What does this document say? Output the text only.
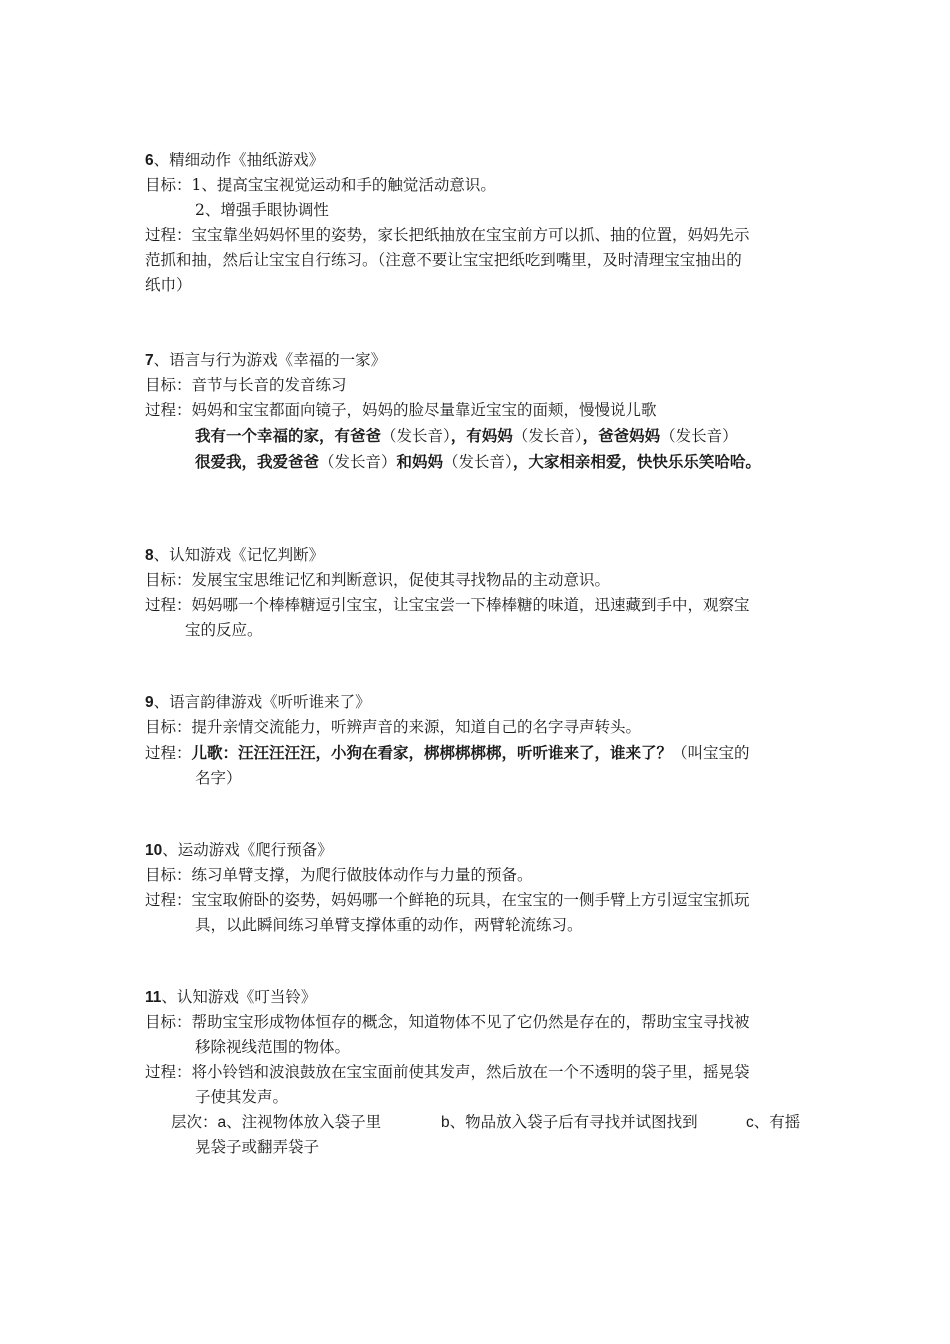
6、精细动作《抽纸游戏》
目标：1、提高宝宝视觉运动和手的触觉活动意识。
2、增强手眼协调性
过程：宝宝靠坐妈妈怀里的姿势，家长把纸抽放在宝宝前方可以抓、抽的位置，妈妈先示
范抓和抽，然后让宝宝自行练习。（注意不要让宝宝把纸吃到嘴里，及时清理宝宝抽出的
纸巾）
7、语言与行为游戏《幸福的一家》
目标：音节与长音的发音练习
过程：妈妈和宝宝都面向镜子，妈妈的脸尽量靠近宝宝的面颊，慢慢说儿歌
我有一个幸福的家，有爸爸（发长音），有妈妈（发长音），爸爸妈妈（发长音）
很爱我，我爱爸爸（发长音）和妈妈（发长音），大家相亲相爱，快快乐乐笑哈哈。
8、认知游戏《记忆判断》
目标：发展宝宝思维记忆和判断意识，促使其寻找物品的主动意识。
过程：妈妈哪一个棒棒糖逗引宝宝，让宝宝尝一下棒棒糖的味道，迅速藏到手中，观察宝
宝的反应。
9、语言韵律游戏《听听谁来了》
目标：提升亲情交流能力，听辨声音的来源，知道自己的名字寻声转头。
过程：儿歌：汪汪汪汪汪，小狗在看家，梆梆梆梆梆，听听谁来了，谁来了？（叫宝宝的
名字）
10、运动游戏《爬行预备》
目标：练习单臂支撑，为爬行做肢体动作与力量的预备。
过程：宝宝取俯卧的姿势，妈妈哪一个鲜艳的玩具，在宝宝的一侧手臂上方引逗宝宝抓玩
具，以此瞬间练习单臂支撑体重的动作，两臂轮流练习。
11、认知游戏《叮当铃》
目标：帮助宝宝形成物体恒存的概念，知道物体不见了它仍然是存在的，帮助宝宝寻找被
移除视线范围的物体。
过程：将小铃铛和波浪鼓放在宝宝面前使其发声，然后放在一个不透明的袋子里，摇晃袋
子使其发声。
层次：a、注视物体放入袋子里	b、物品放入袋子后有寻找并试图找到	c、有摇
晃袋子或翻弄袋子
